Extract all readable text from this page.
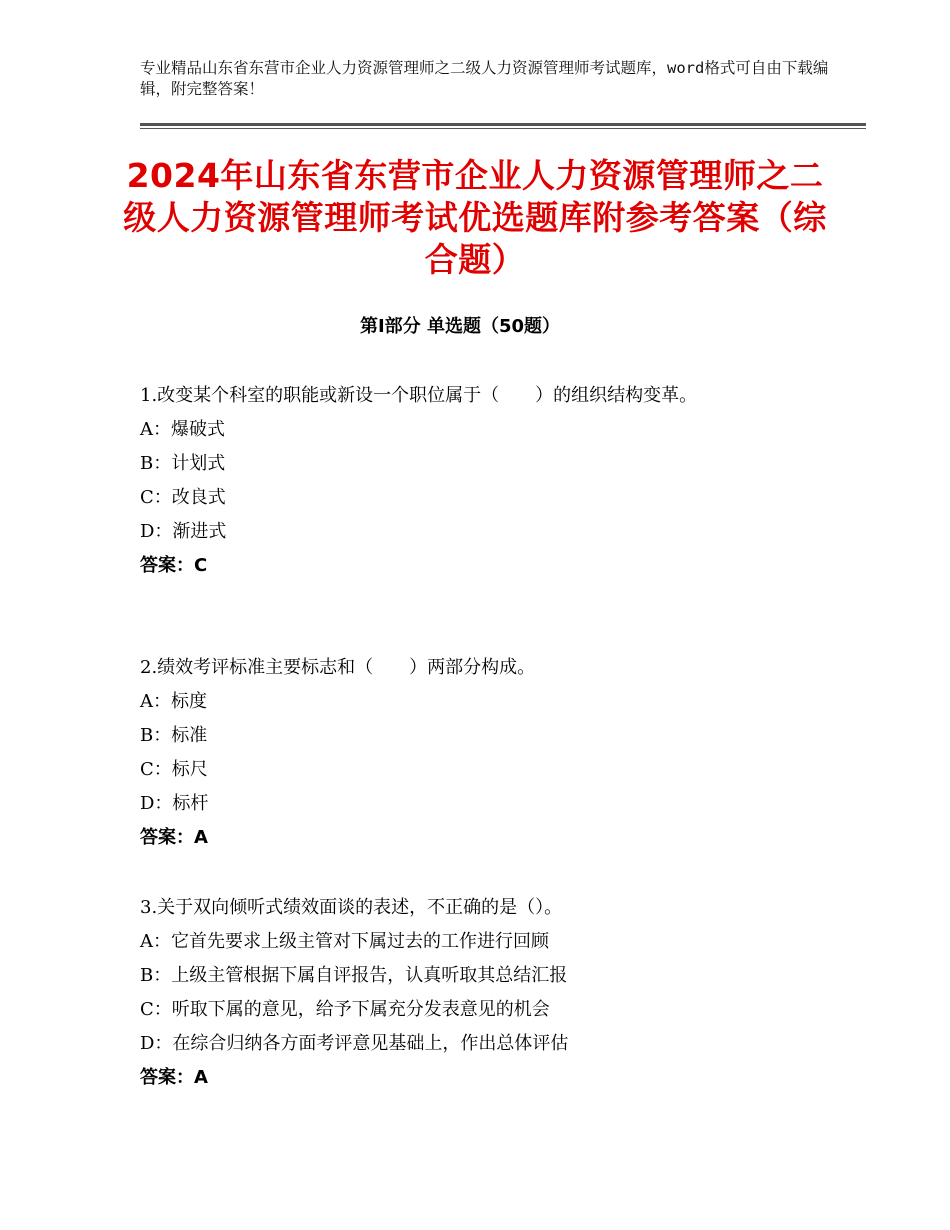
专业精品山东省东营市企业人力资源管理师之二级人力资源管理师考试题库，word格式可自由下载编辑，附完整答案！
2024年山东省东营市企业人力资源管理师之二级人力资源管理师考试优选题库附参考答案（综合题）
第Ⅰ部分 单选题（50题）

1.改变某个科室的职能或新设一个职位属于（　　）的组织结构变革。

A：爆破式

B：计划式

C：改良式

D：渐进式

答案：C

2.绩效考评标准主要标志和（　　）两部分构成。

A：标度

B：标准

C：标尺

D：标杆

答案：A

3.关于双向倾听式绩效面谈的表述，不正确的是（）。

A：它首先要求上级主管对下属过去的工作进行回顾

B：上级主管根据下属自评报告，认真听取其总结汇报

C：听取下属的意见，给予下属充分发表意见的机会

D：在综合归纳各方面考评意见基础上，作出总体评估

答案：A
